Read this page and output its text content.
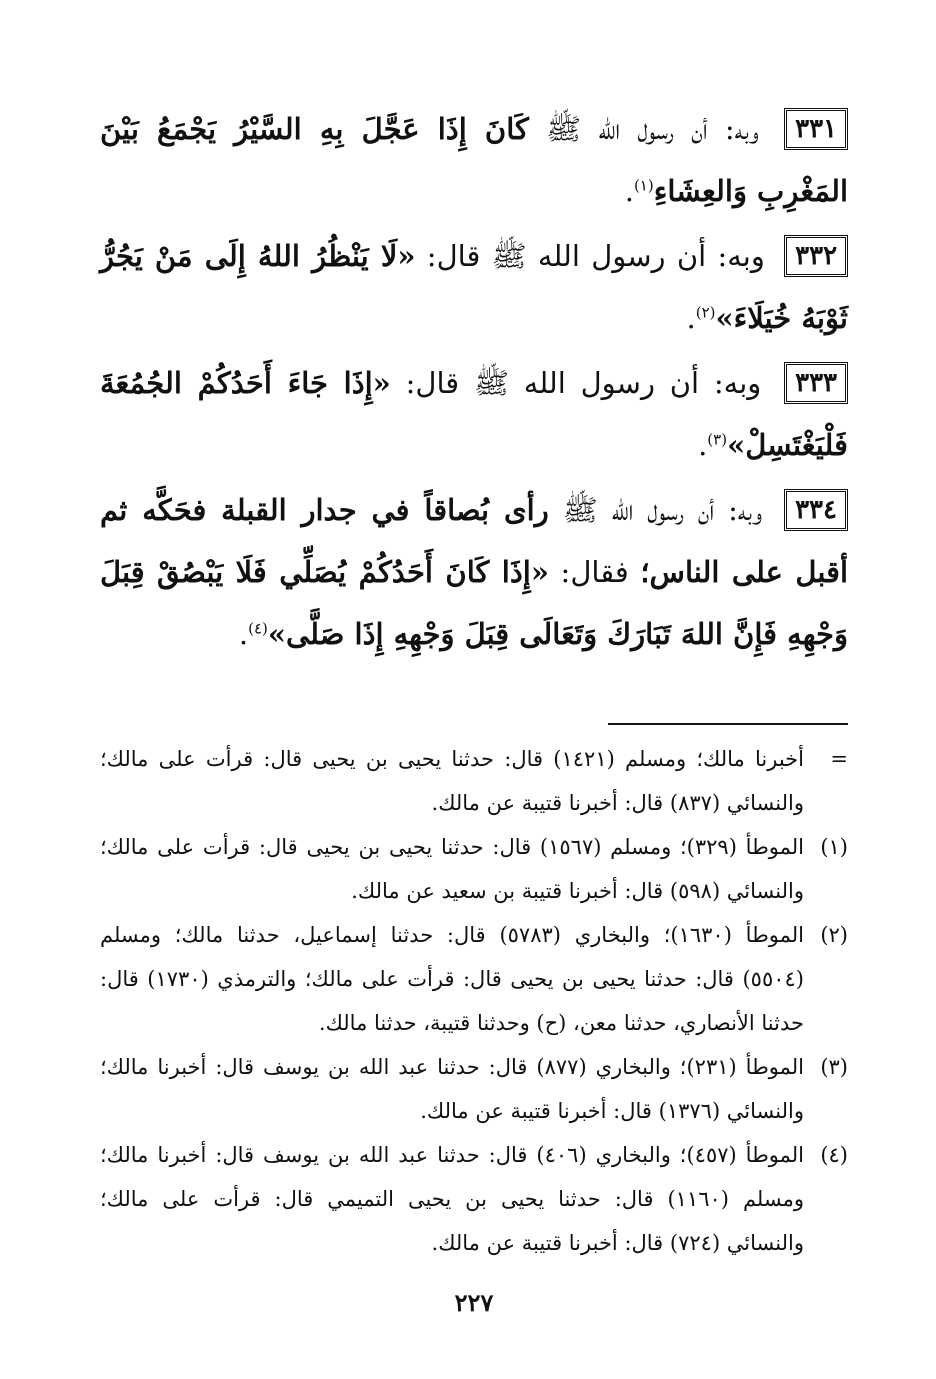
٣٣١ وبه: أن رسول الله ﷺ كَانَ إِذَا عَجَّلَ بِهِ السَّيْرُ يَجْمَعُ بَيْنَ المَغْرِبِ وَالعِشَاءِ$^{(١)}$.

٣٣٢ وبه: أن رسول الله ﷺ قال: «لَا يَنْظُرُ اللهُ إِلَى مَنْ يَجُرُّ ثَوْبَهُ خُيَلَاءَ»$^{(٢)}$.

٣٣٣ وبه: أن رسول الله ﷺ قال: «إِذَا جَاءَ أَحَدُكُمْ الجُمُعَةَ فَلْيَغْتَسِلْ»$^{(٣)}$.

٣٣٤ وبه: أن رسول الله ﷺ رأى بُصاقاً في جدار القبلة فحَكَّه ثم أقبل على الناس؛ فقال: «إِذَا كَانَ أَحَدُكُمْ يُصَلِّي فَلَا يَبْصُقْ قِبَلَ وَجْهِهِ فَإِنَّ اللهَ تَبَارَكَ وَتَعَالَى قِبَلَ وَجْهِهِ إِذَا صَلَّى»$^{(٤)}$.

=
أخبرنا مالك؛ ومسلم (١٤٢١) قال: حدثنا يحيى بن يحيى قال: قرأت على مالك؛ والنسائي (٨٣٧) قال: أخبرنا قتيبة عن مالك.
(١)
الموطأ (٣٢٩)؛ ومسلم (١٥٦٧) قال: حدثنا يحيى بن يحيى قال: قرأت على مالك؛ والنسائي (٥٩٨) قال: أخبرنا قتيبة بن سعيد عن مالك.
(٢)
الموطأ (١٦٣٠)؛ والبخاري (٥٧٨٣) قال: حدثنا إسماعيل، حدثنا مالك؛ ومسلم (٥٥٠٤) قال: حدثنا يحيى بن يحيى قال: قرأت على مالك؛ والترمذي (١٧٣٠) قال: حدثنا الأنصاري، حدثنا معن، (ح) وحدثنا قتيبة، حدثنا مالك.
(٣)
الموطأ (٢٣١)؛ والبخاري (٨٧٧) قال: حدثنا عبد الله بن يوسف قال: أخبرنا مالك؛ والنسائي (١٣٧٦) قال: أخبرنا قتيبة عن مالك.
(٤)
الموطأ (٤٥٧)؛ والبخاري (٤٠٦) قال: حدثنا عبد الله بن يوسف قال: أخبرنا مالك؛ ومسلم (١١٦٠) قال: حدثنا يحيى بن يحيى التميمي قال: قرأت على مالك؛ والنسائي (٧٢٤) قال: أخبرنا قتيبة عن مالك.
٢٢٧
